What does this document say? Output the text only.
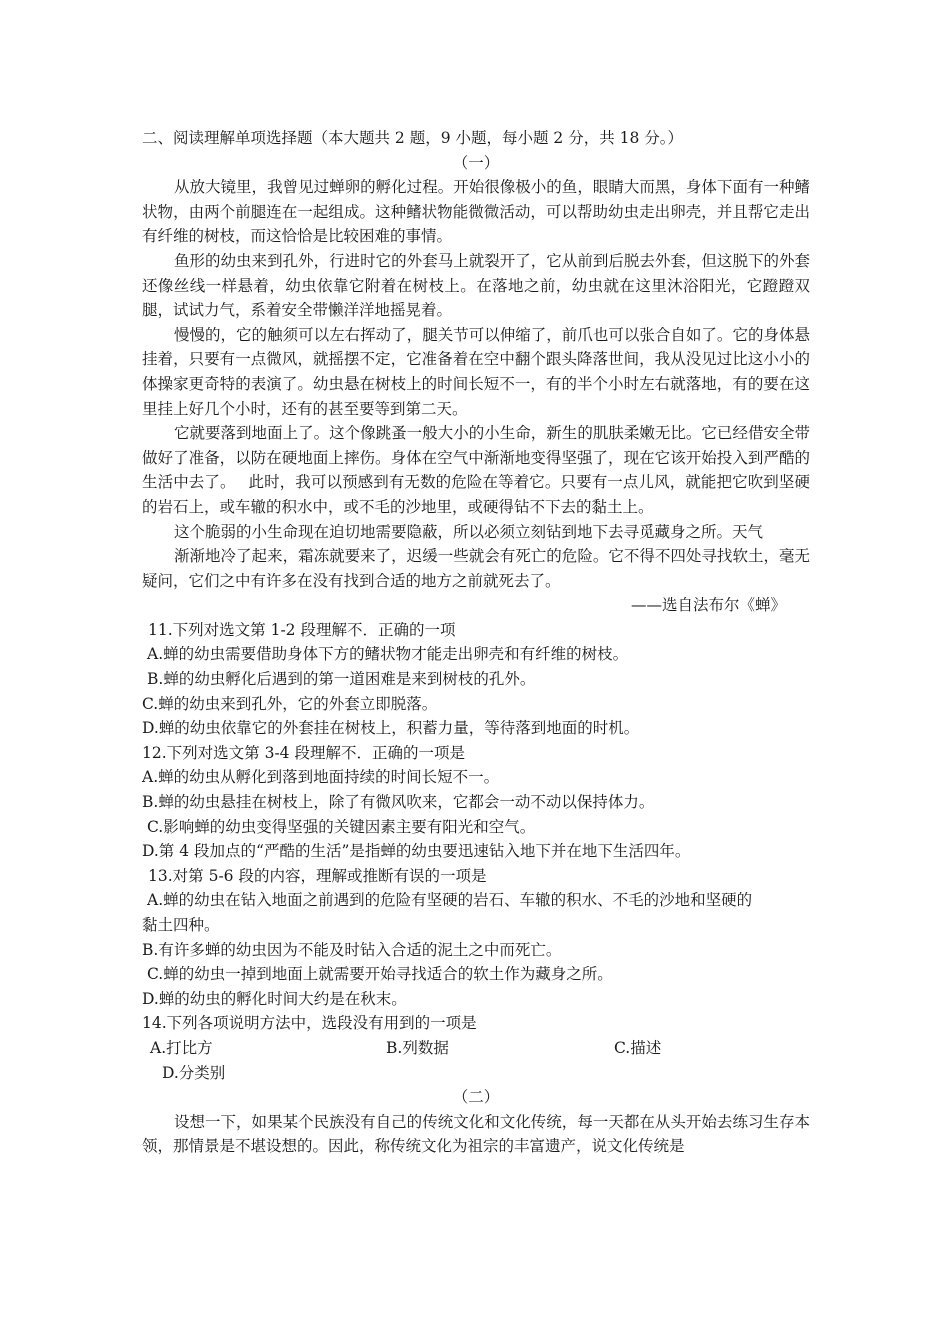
二、阅读理解单项选择题（本大题共 2 题，9 小题，每小题 2 分，共 18 分。）
（一）
从放大镜里，我曾见过蝉卵的孵化过程。开始很像极小的鱼，眼睛大而黑，身体下面有一种鳍状物，由两个前腿连在一起组成。这种鳍状物能微微活动，可以帮助幼虫走出卵壳，并且帮它走出有纤维的树枝，而这恰恰是比较困难的事情。
鱼形的幼虫来到孔外，行进时它的外套马上就裂开了，它从前到后脱去外套，但这脱下的外套还像丝线一样悬着，幼虫依靠它附着在树枝上。在落地之前，幼虫就在这里沐浴阳光，它蹬蹬双腿，试试力气，系着安全带懒洋洋地摇晃着。
慢慢的，它的触须可以左右挥动了，腿关节可以伸缩了，前爪也可以张合自如了。它的身体悬挂着，只要有一点微风，就摇摆不定，它准备着在空中翻个跟头降落世间，我从没见过比这小小的体操家更奇特的表演了。幼虫悬在树枝上的时间长短不一，有的半个小时左右就落地，有的要在这里挂上好几个小时，还有的甚至要等到第二天。
它就要落到地面上了。这个像跳蚤一般大小的小生命，新生的肌肤柔嫩无比。它已经借安全带做好了准备，以防在硬地面上摔伤。身体在空气中渐渐地变得坚强了，现在它该开始投入到严酷的生活中去了。　 此时，我可以预感到有无数的危险在等着它。只要有一点儿风，就能把它吹到坚硬的岩石上，或车辙的积水中，或不毛的沙地里，或硬得钻不下去的黏土上。
这个脆弱的小生命现在迫切地需要隐蔽，所以必须立刻钻到地下去寻觅藏身之所。天气
渐渐地冷了起来，霜冻就要来了，迟缓一些就会有死亡的危险。它不得不四处寻找软土，毫无疑问，它们之中有许多在没有找到合适的地方之前就死去了。
——选自法布尔《蝉》
11.下列对选文第 1-2 段理解不．正确的一项
A.蝉的幼虫需要借助身体下方的鳍状物才能走出卵壳和有纤维的树枝。
B.蝉的幼虫孵化后遇到的第一道困难是来到树枝的孔外。
C.蝉的幼虫来到孔外，它的外套立即脱落。
D.蝉的幼虫依靠它的外套挂在树枝上，积蓄力量，等待落到地面的时机。
12.下列对选文第 3-4 段理解不．正确的一项是
A.蝉的幼虫从孵化到落到地面持续的时间长短不一。
B.蝉的幼虫悬挂在树枝上，除了有微风吹来，它都会一动不动以保持体力。
C.影响蝉的幼虫变得坚强的关键因素主要有阳光和空气。
D.第 4 段加点的“严酷的生活”是指蝉的幼虫要迅速钻入地下并在地下生活四年。
13.对第 5-6 段的内容，理解或推断有误的一项是
A.蝉的幼虫在钻入地面之前遇到的危险有坚硬的岩石、车辙的积水、不毛的沙地和坚硬的
黏土四种。
B.有许多蝉的幼虫因为不能及时钻入合适的泥土之中而死亡。
C.蝉的幼虫一掉到地面上就需要开始寻找适合的软土作为藏身之所。
D.蝉的幼虫的孵化时间大约是在秋末。
14.下列各项说明方法中，选段没有用到的一项是
A.打比方	B.列数据	C.描述
D.分类别
（二）
设想一下，如果某个民族没有自己的传统文化和文化传统，每一天都在从头开始去练习生存本领，那情景是不堪设想的。因此，称传统文化为祖宗的丰富遗产，说文化传统是
